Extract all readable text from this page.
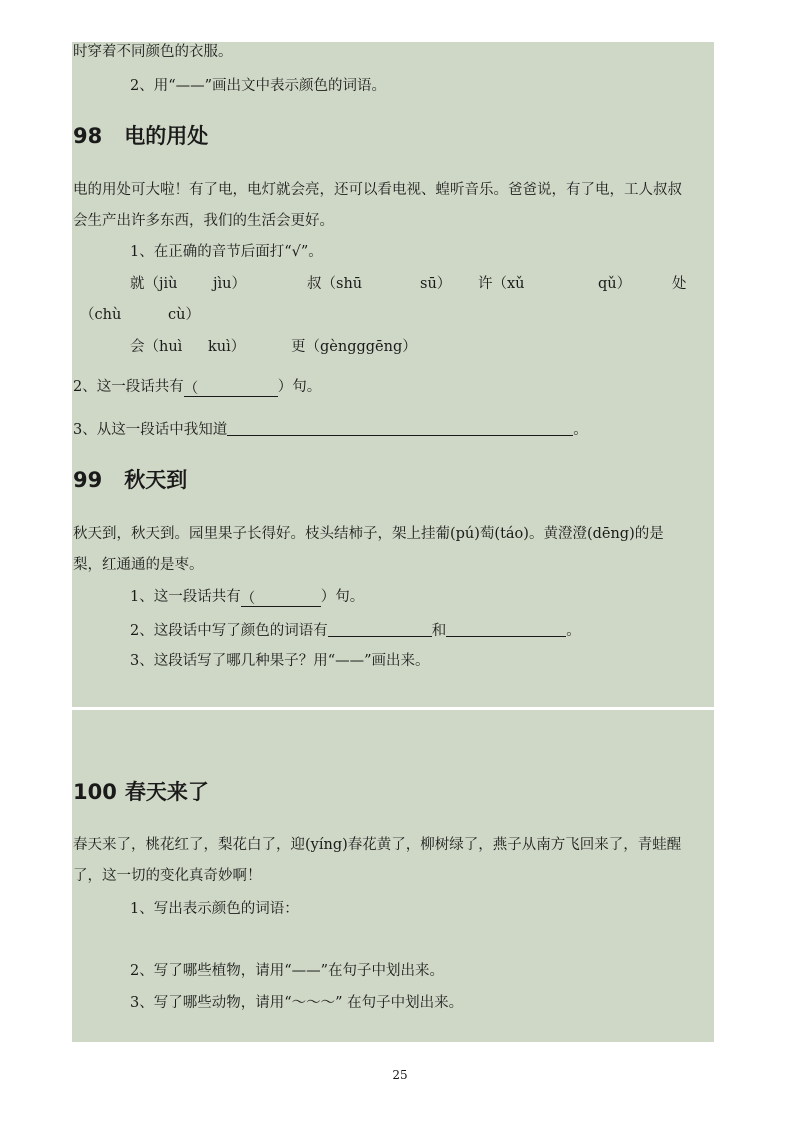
时穿着不同颜色的衣服。
2、用“——”画出文中表示颜色的词语。
98 电的用处
电的用处可大啦！有了电，电灯就会亮，还可以看电视、蝗听音乐。爸爸说，有了电，工人叔叔
会生产出许多东西，我们的生活会更好。
1、在正确的音节后面打“√”。
就（jiù jìu）	叔（shū	sū） 许（xǔ	qǔ）	处
（chù	cù）
会（huì kuì）	更（gèngggēng）
2、这一段话共有（	）句。
3、从这一段话中我知道	。
99 秋天到
秋天到，秋天到。园里果子长得好。枝头结柿子，架上挂葡(pú)萄(táo)。黄澄澄(dēng)的是
梨，红通通的是枣。
1、这一段话共有（	）句。
2、这段话中写了颜色的词语有	和	。
3、这段话写了哪几种果子？用“——”画出来。
100 春天来了
春天来了，桃花红了，梨花白了，迎(yíng)春花黄了，柳树绿了，燕子从南方飞回来了，青蛙醒
了，这一切的变化真奇妙啊！
1、写出表示颜色的词语：
2、写了哪些植物，请用“——”在句子中划出来。
3、写了哪些动物，请用“～～～” 在句子中划出来。
25
